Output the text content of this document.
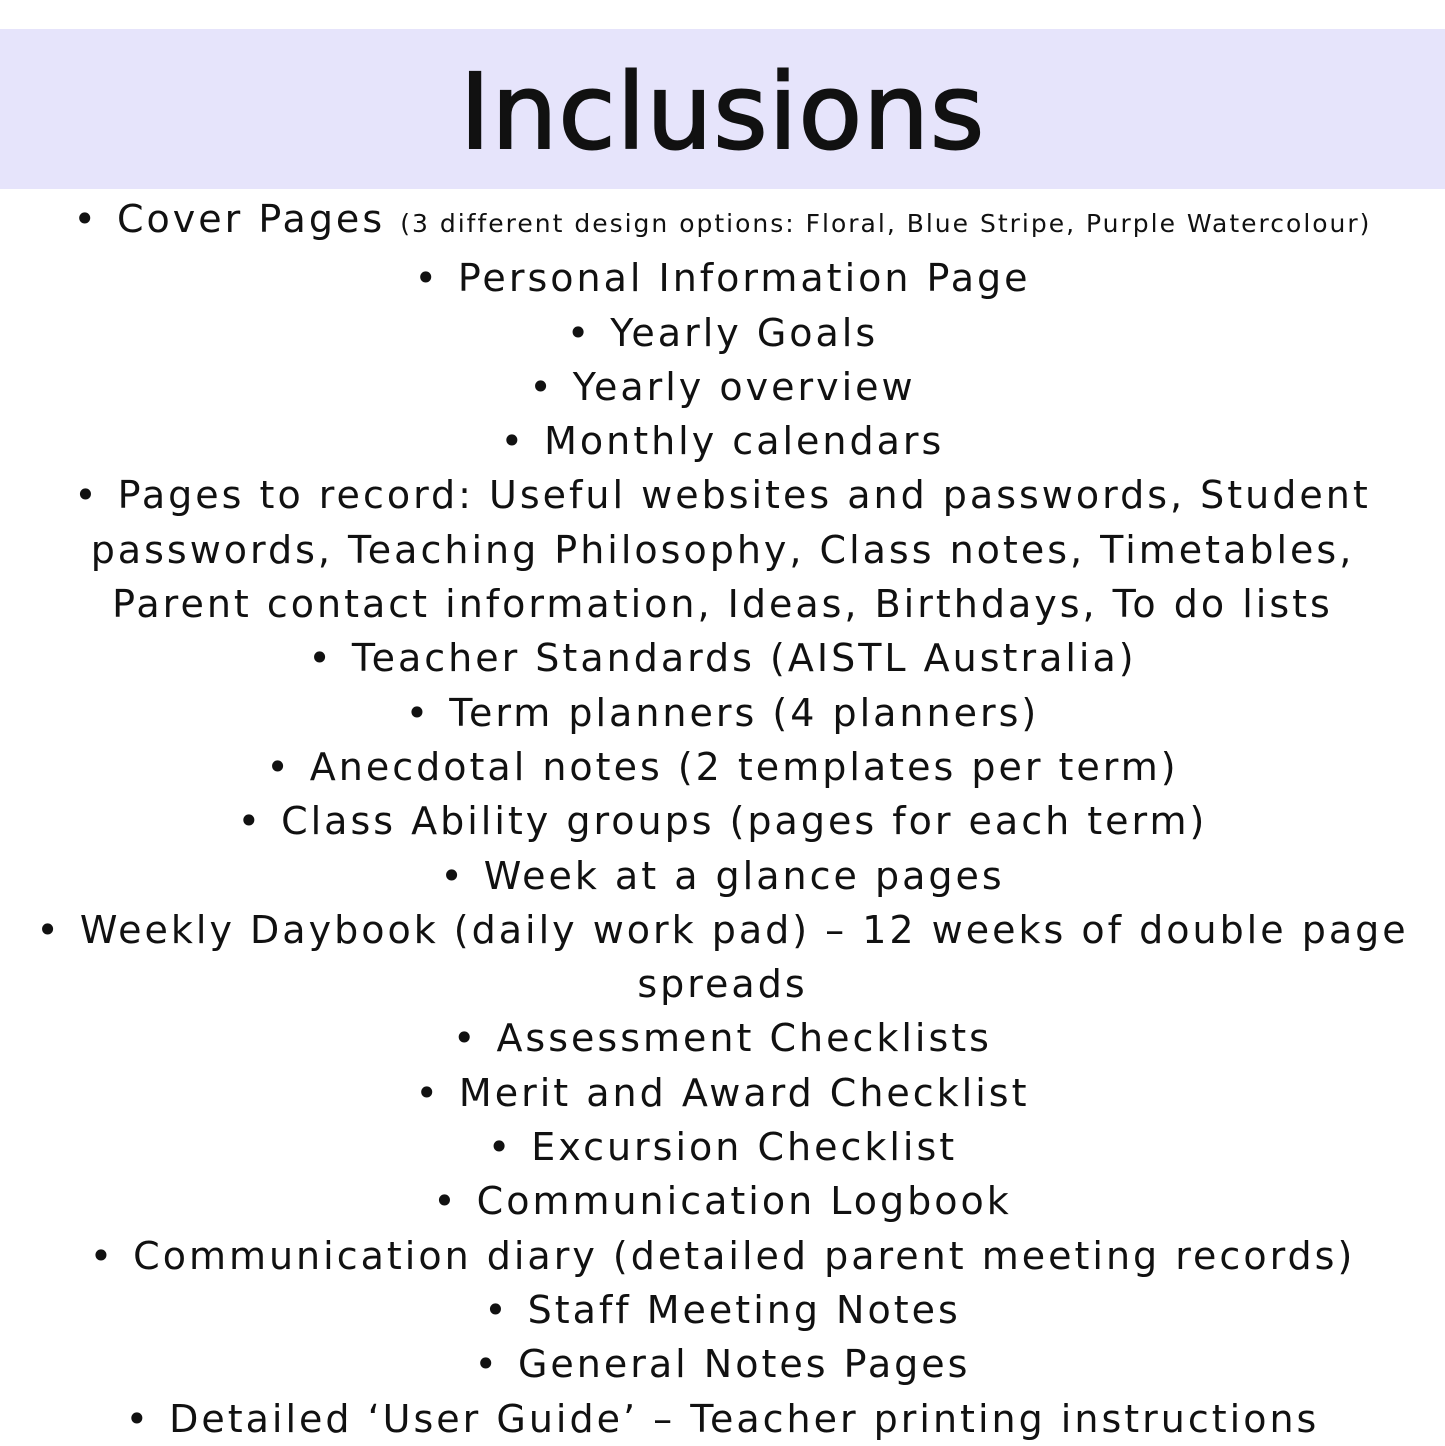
Inclusions
• Cover Pages (3 different design options: Floral, Blue Stripe, Purple Watercolour)
• Personal Information Page
• Yearly Goals
• Yearly overview
• Monthly calendars
• Pages to record: Useful websites and passwords, Student passwords, Teaching Philosophy, Class notes, Timetables, Parent contact information, Ideas, Birthdays, To do lists
• Teacher Standards (AISTL Australia)
• Term planners (4 planners)
• Anecdotal notes (2 templates per term)
• Class Ability groups (pages for each term)
• Week at a glance pages
• Weekly Daybook (daily work pad) – 12 weeks of double page spreads
• Assessment Checklists
• Merit and Award Checklist
• Excursion Checklist
• Communication Logbook
• Communication diary (detailed parent meeting records)
• Staff Meeting Notes
• General Notes Pages
• Detailed ‘User Guide’ – Teacher printing instructions
